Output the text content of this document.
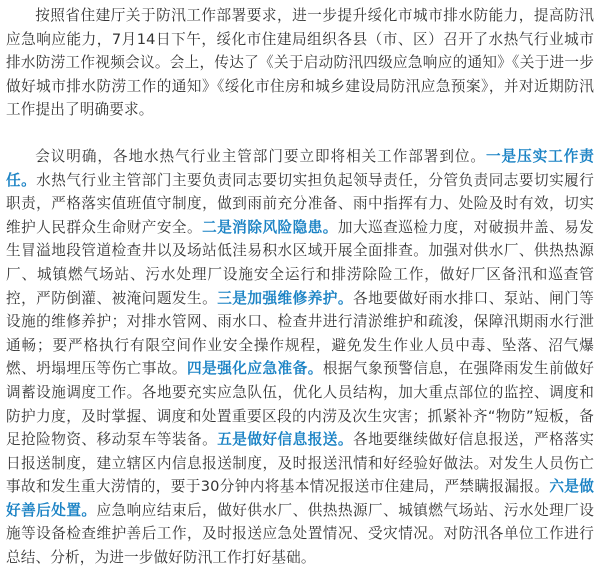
按照省住建厅关于防汛工作部署要求，进一步提升绥化市城市排水防能力，提高防汛应急响应能力，7月14日下午，绥化市住建局组织各县（市、区）召开了水热气行业城市排水防涝工作视频会议。会上，传达了《关于启动防汛四级应急响应的通知》《关于进一步做好城市排水防涝工作的通知》《绥化市住房和城乡建设局防汛应急预案》，并对近期防汛工作提出了明确要求。

会议明确，各地水热气行业主管部门要立即将相关工作部署到位。一是压实工作责任。水热气行业主管部门主要负责同志要切实担负起领导责任，分管负责同志要切实履行职责，严格落实值班值守制度，做到雨前充分准备、雨中指挥有力、处险及时有效，切实维护人民群众生命财产安全。二是消除风险隐患。加大巡查巡检力度，对破损井盖、易发生冒溢地段管道检查井以及场站低洼易积水区域开展全面排查。加强对供水厂、供热热源厂、城镇燃气场站、污水处理厂设施安全运行和排涝除险工作，做好厂区备汛和巡查管控，严防倒灌、被淹问题发生。三是加强维修养护。各地要做好雨水排口、泵站、闸门等设施的维修养护；对排水管网、雨水口、检查井进行清淤维护和疏浚，保障汛期雨水行泄通畅；要严格执行有限空间作业安全操作规程，避免发生作业人员中毒、坠落、沼气爆燃、坍塌埋压等伤亡事故。四是强化应急准备。根据气象预警信息，在强降雨发生前做好调蓄设施调度工作。各地要充实应急队伍，优化人员结构，加大重点部位的监控、调度和防护力度，及时掌握、调度和处置重要区段的内涝及次生灾害；抓紧补齐“物防”短板，备足抢险物资、移动泵车等装备。五是做好信息报送。各地要继续做好信息报送，严格落实日报送制度，建立辖区内信息报送制度，及时报送汛情和好经验好做法。对发生人员伤亡事故和发生重大涝情的，要于30分钟内将基本情况报送市住建局，严禁瞒报漏报。六是做好善后处置。应急响应结束后，做好供水厂、供热热源厂、城镇燃气场站、污水处理厂设施等设备检查维护善后工作，及时报送应急处置情况、受灾情况。对防汛各单位工作进行总结、分析，为进一步做好防汛工作打好基础。
